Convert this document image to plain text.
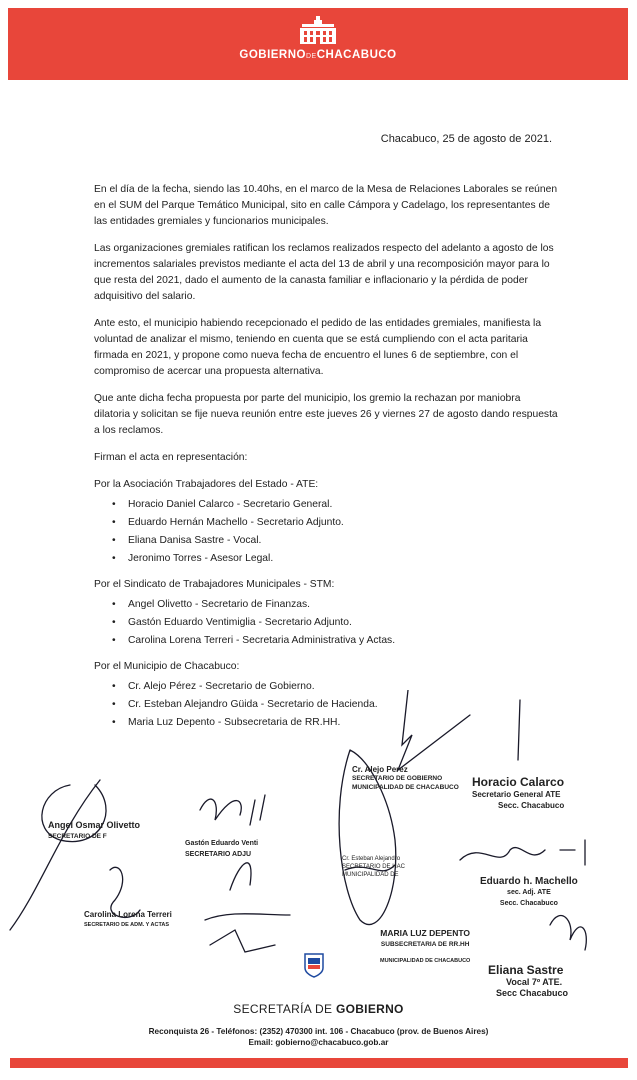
GOBIERNODECHACABUCO
Chacabuco, 25 de agosto de 2021.

En el día de la fecha, siendo las 10.40hs, en el marco de la Mesa de Relaciones Laborales se reúnen en el SUM del Parque Temático Municipal, sito en calle Cámpora y Cadelago, los representantes de las entidades gremiales y funcionarios municipales.

Las organizaciones gremiales ratifican los reclamos realizados respecto del adelanto a agosto de los incrementos salariales previstos mediante el acta del 13 de abril y una recomposición mayor para lo que resta del 2021, dado el aumento de la canasta familiar e inflacionario y la pérdida de poder adquisitivo del salario.

Ante esto, el municipio habiendo recepcionado el pedido de las entidades gremiales, manifiesta la voluntad de analizar el mismo, teniendo en cuenta que se está cumpliendo con el acta paritaria firmada en 2021, y propone como nueva fecha de encuentro el lunes 6 de septiembre, con el compromiso de acercar una propuesta alternativa.

Que ante dicha fecha propuesta por parte del municipio, los gremio la rechazan por maniobra dilatoria y solicitan se fije nueva reunión entre este jueves 26 y viernes 27 de agosto dando respuesta a los reclamos.

Firman el acta en representación:

Por la Asociación Trabajadores del Estado - ATE:

• Horacio Daniel Calarco - Secretario General.
• Eduardo Hernán Machello - Secretario Adjunto.
• Eliana Danisa Sastre - Vocal.
• Jeronimo Torres - Asesor Legal.

Por el Sindicato de Trabajadores Municipales - STM:

• Angel Olivetto - Secretario de Finanzas.
• Gastón Eduardo Ventimiglia - Secretario Adjunto.
• Carolina Lorena Terreri - Secretaria Administrativa y Actas.

Por el Municipio de Chacabuco:

• Cr. Alejo Pérez - Secretario de Gobierno.
• Cr. Esteban Alejandro Güida - Secretario de Hacienda.
• Maria Luz Depento - Subsecretaria de RR.HH.
Cr. Alejo Perez
SECRETARIO DE GOBIERNO
MUNICIPALIDAD DE CHACABUCO Horacio Calarco
Secretario General ATE
Secc. Chacabuco
Angel Osmar Olivetto
SECRETARIO DE F
Gastón Eduardo Venti
SECRETARIO ADJU
Cr. Esteban Alejandro
SECRETARIO DE HAC
MUNICIPALIDAD DE
Eduardo h. Machello
sec. Adj. ATE
Secc. Chacabuco
Carolina Lorena Terreri
SECRETARIO DE ADM. Y ACTAS
MARIA LUZ DEPENTO
SUBSECRETARIA DE RR.HH
MUNICIPALIDAD DE CHACABUCO
Eliana Sastre
Vocal 7º ATE.
Secc Chacabuco
SECRETARÍA DE GOBIERNO
Reconquista 26 - Teléfonos: (2352) 470300 int. 106 - Chacabuco (prov. de Buenos Aires)
Email: gobierno@chacabuco.gob.ar
